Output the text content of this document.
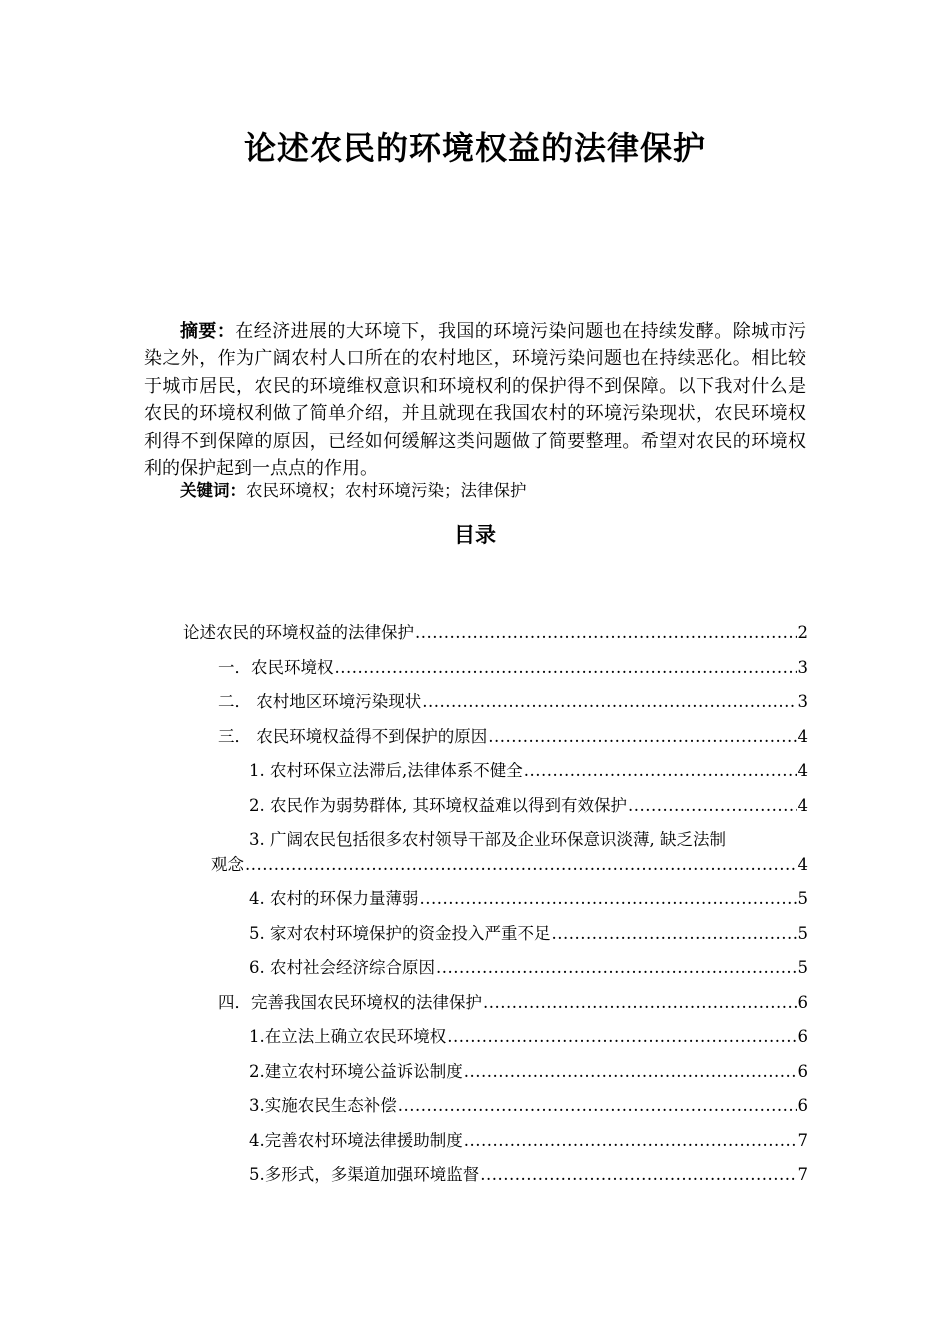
论述农民的环境权益的法律保护

摘要：在经济进展的大环境下，我国的环境污染问题也在持续发酵。除城市污染之外，作为广阔农村人口所在的农村地区，环境污染问题也在持续恶化。相比较于城市居民，农民的环境维权意识和环境权利的保护得不到保障。以下我对什么是农民的环境权利做了简单介绍，并且就现在我国农村的环境污染现状，农民环境权利得不到保障的原因，已经如何缓解这类问题做了简要整理。希望对农民的环境权利的保护起到一点点的作用。

关键词：农民环境权；农村环境污染；法律保护

目录
论述农民的环境权益的法律保护 .....	2
一．农民环境权 .....	3
二． 农村地区环境污染现状 .....	3
三． 农民环境权益得不到保护的原因 .....	4
1. 农村环保立法滞后,法律体系不健全 .....	4
2. 农民作为弱势群体, 其环境权益难以得到有效保护 .....	4
3. 广阔农民包括很多农村领导干部及企业环保意识淡薄, 缺乏法制
观念 .....	4
4. 农村的环保力量薄弱 .....	5
5. 家对农村环境保护的资金投入严重不足 .....	5
6. 农村社会经济综合原因 .....	5
四．完善我国农民环境权的法律保护 .....	6
1.在立法上确立农民环境权 .....	6
2.建立农村环境公益诉讼制度 .....	6
3.实施农民生态补偿 .....	6
4.完善农村环境法律援助制度 .....	7
5.多形式，多渠道加强环境监督 .....	7
